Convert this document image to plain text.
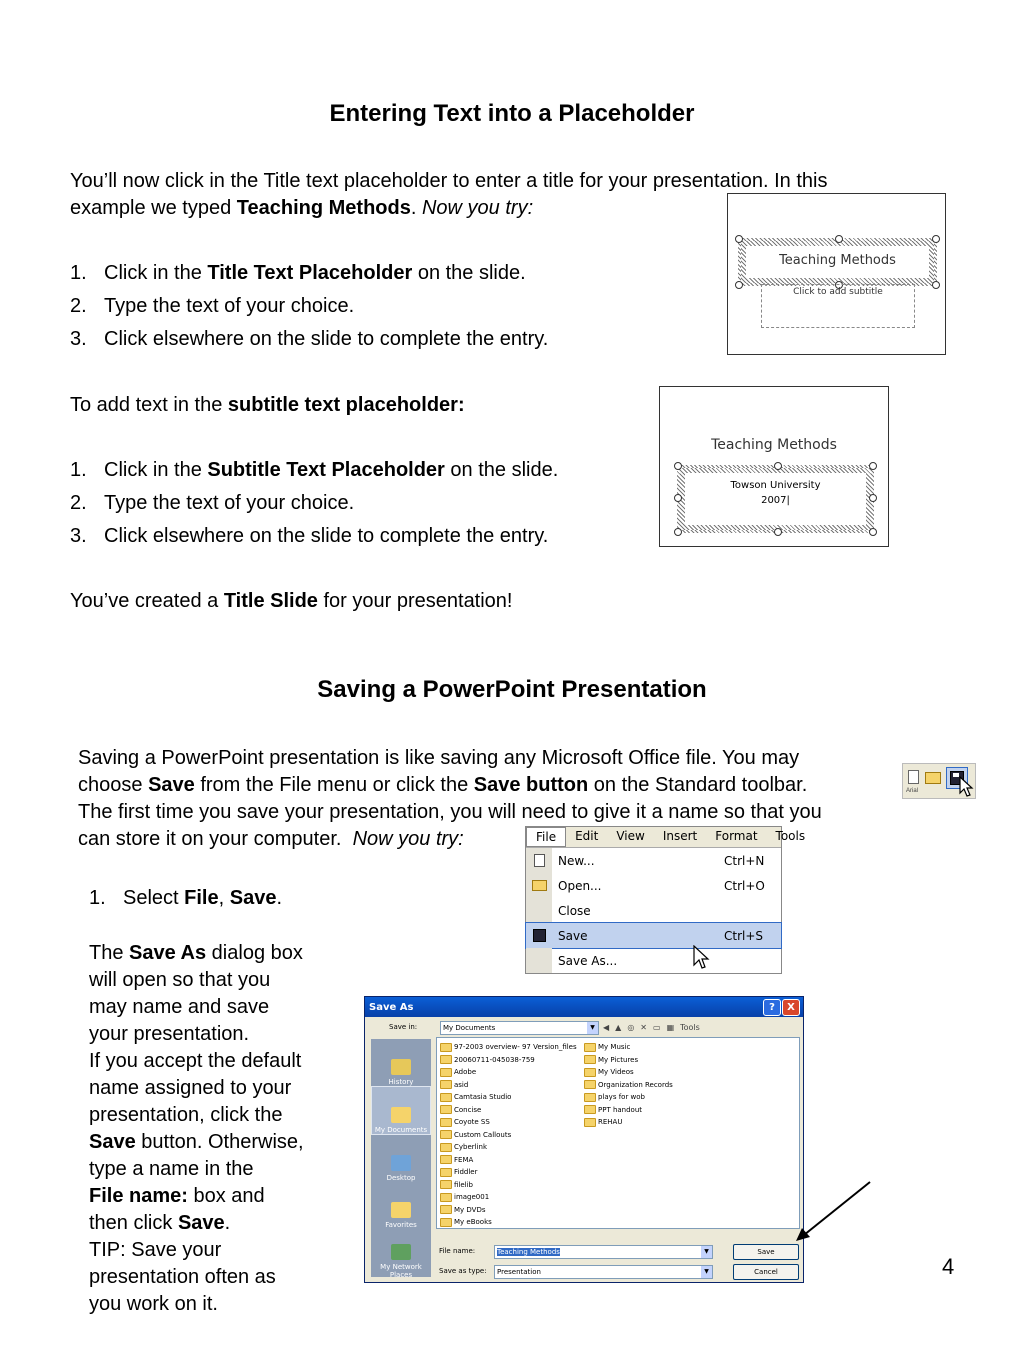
Entering Text into a Placeholder
You’ll now click in the Title text placeholder to enter a title for your presentation. In this
example we typed Teaching Methods. Now you try:
1. Click in the Title Text Placeholder on the slide.
2. Type the text of your choice.
3. Click elsewhere on the slide to complete the entry.
To add text in the subtitle text placeholder:
1. Click in the Subtitle Text Placeholder on the slide.
2. Type the text of your choice.
3. Click elsewhere on the slide to complete the entry.
You’ve created a Title Slide for your presentation!
Teaching Methods
Click to add subtitle
Teaching Methods
Towson University
2007|
Saving a PowerPoint Presentation
Saving a PowerPoint presentation is like saving any Microsoft Office file. You may
choose Save from the File menu or click the Save button on the Standard toolbar.
The first time you save your presentation, you will need to give it a name so that you
can store it on your computer. Now you try:
Arial
1. Select File, Save.
The Save As dialog box
will open so that you
may name and save
your presentation.
If you accept the default
name assigned to your
presentation, click the
Save button. Otherwise,
type a name in the
File name: box and
then click Save.
TIP: Save your
presentation often as
you work on it.
File	Edit	View	Insert	Format	Tools
New...	Ctrl+N
Open...	Ctrl+O
Close
Save	Ctrl+S
Save As...
Save As	?	X
Save in:	My Documents	▼	◀ ▲ ◎ ✕ ▭ ▦ Tools
History
My Documents
Desktop
Favorites
My Network Places
97-2003 overview- 97 Version_files
20060711-045038-759
Adobe
asid
Camtasia Studio
Concise
Coyote SS
Custom Callouts
Cyberlink
FEMA
Fiddler
filelib
image001
My DVDs
My eBooks
My Music
My Pictures
My Videos
Organization Records
plays for wob
PPT handout
REHAU
File name:	Teaching Methods	▼
Save as type:	Presentation	▼
Save
Cancel	4
